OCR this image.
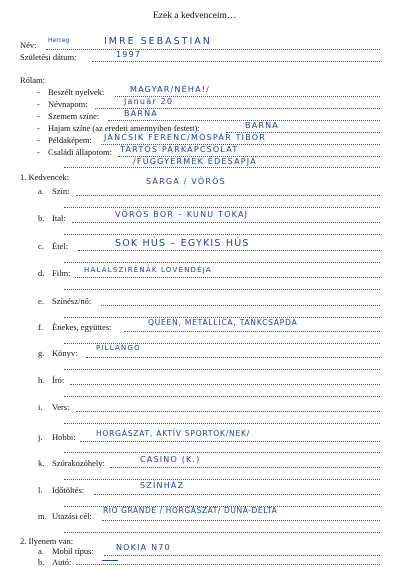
Ezek a kedvenceim…
Név: Herceg	IMRE SEBASTIAN
Születési dátum:	1997
Rólam:
- Beszélt nyelvek:	MAGYAR/NÉHA!/
- Névnapom:	Január 20
- Szemem színe:	BARNA
- Hajam színe (az eredeti amennyiben festett):	BARNA
- Példaképem: JANCSIK FERENC/MÓSPÁR TIBOR
- Családi állapotom: TARTÓS PÁRKAPCSOLAT
/FÜGGYERMEK ÉDESAPJA
1. Kedvencek:
a. Szín:
SÁRGA / VÖRÖS
b. Ital:	VÖRÖS BOR – KUNU TOKAJ
c. Étel:	SOK HÚS – EGYKIS HÚS
d. Film: HALÁLSZIRÉNÁK LOVENDÉJA
e. Színész/nő:
f. Énekes, együttes:	QUEEN, METALLICA, TANKCSAPDA
g. Könyv:	PILLANGÓ
h. Író:
i. Vers:
j. Hobbi:	HORGÁSZAT, AKTÍV SPORTOK/NEK/
k. Szórakozóhely:	CASINO (K.)
l. Időtöltés:	SZÍNHÁZ
m. Utazási cél:
RIO GRANDE / HORGÁSZAT/ DUNA-DELTA
2. Ilyenem van:
a. Mobil típus:	NOKIA N70
b. Autó:
